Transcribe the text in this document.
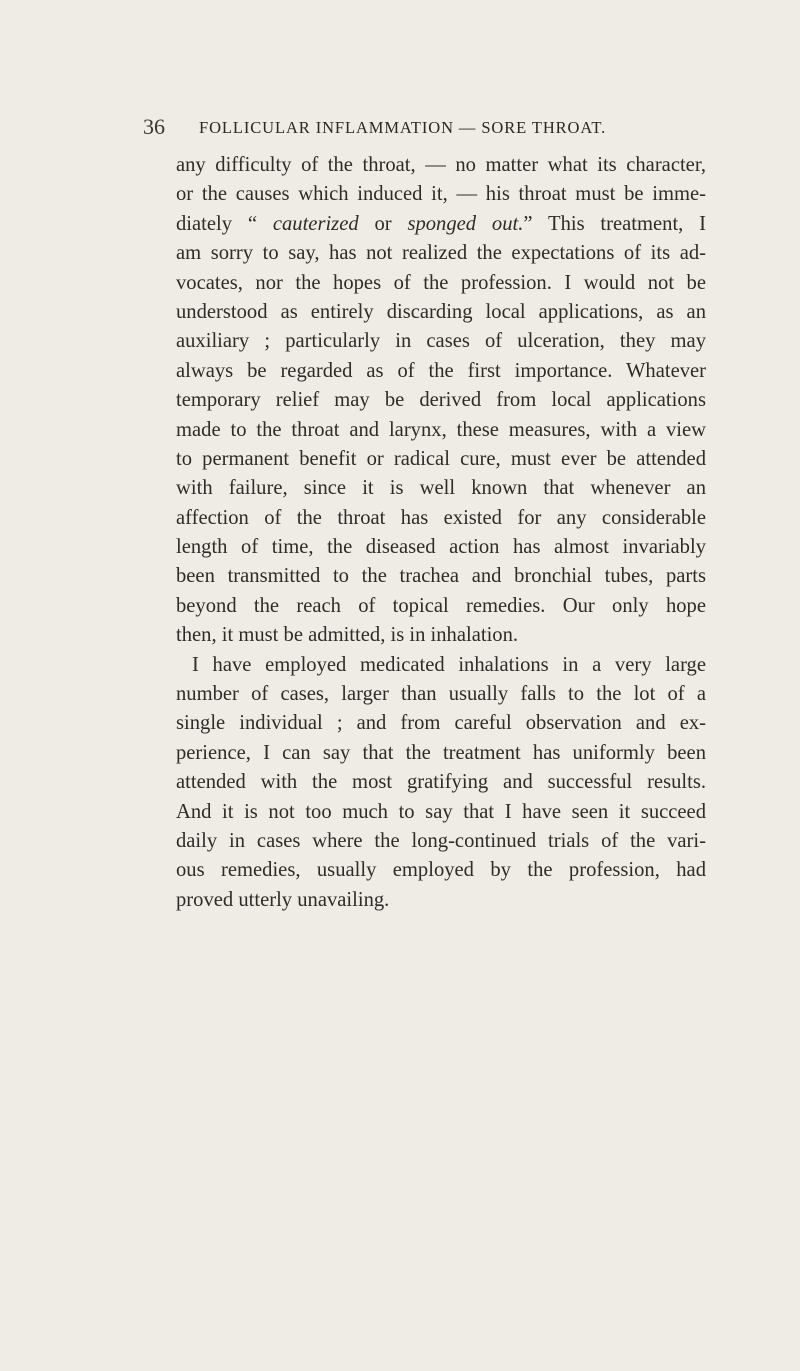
36 FOLLICULAR INFLAMMATION — SORE THROAT.
any difficulty of the throat, — no matter what its character,
or the causes which induced it, — his throat must be imme-
diately “ cauterized or sponged out.” This treatment, I
am sorry to say, has not realized the expectations of its ad-
vocates, nor the hopes of the profession. I would not be
understood as entirely discarding local applications, as an
auxiliary ; particularly in cases of ulceration, they may
always be regarded as of the first importance. Whatever
temporary relief may be derived from local applications
made to the throat and larynx, these measures, with a view
to permanent benefit or radical cure, must ever be attended
with failure, since it is well known that whenever an
affection of the throat has existed for any considerable
length of time, the diseased action has almost invariably
been transmitted to the trachea and bronchial tubes, parts
beyond the reach of topical remedies. Our only hope
then, it must be admitted, is in inhalation.
I have employed medicated inhalations in a very large
number of cases, larger than usually falls to the lot of a
single individual ; and from careful observation and ex-
perience, I can say that the treatment has uniformly been
attended with the most gratifying and successful results.
And it is not too much to say that I have seen it succeed
daily in cases where the long-continued trials of the vari-
ous remedies, usually employed by the profession, had
proved utterly unavailing.
